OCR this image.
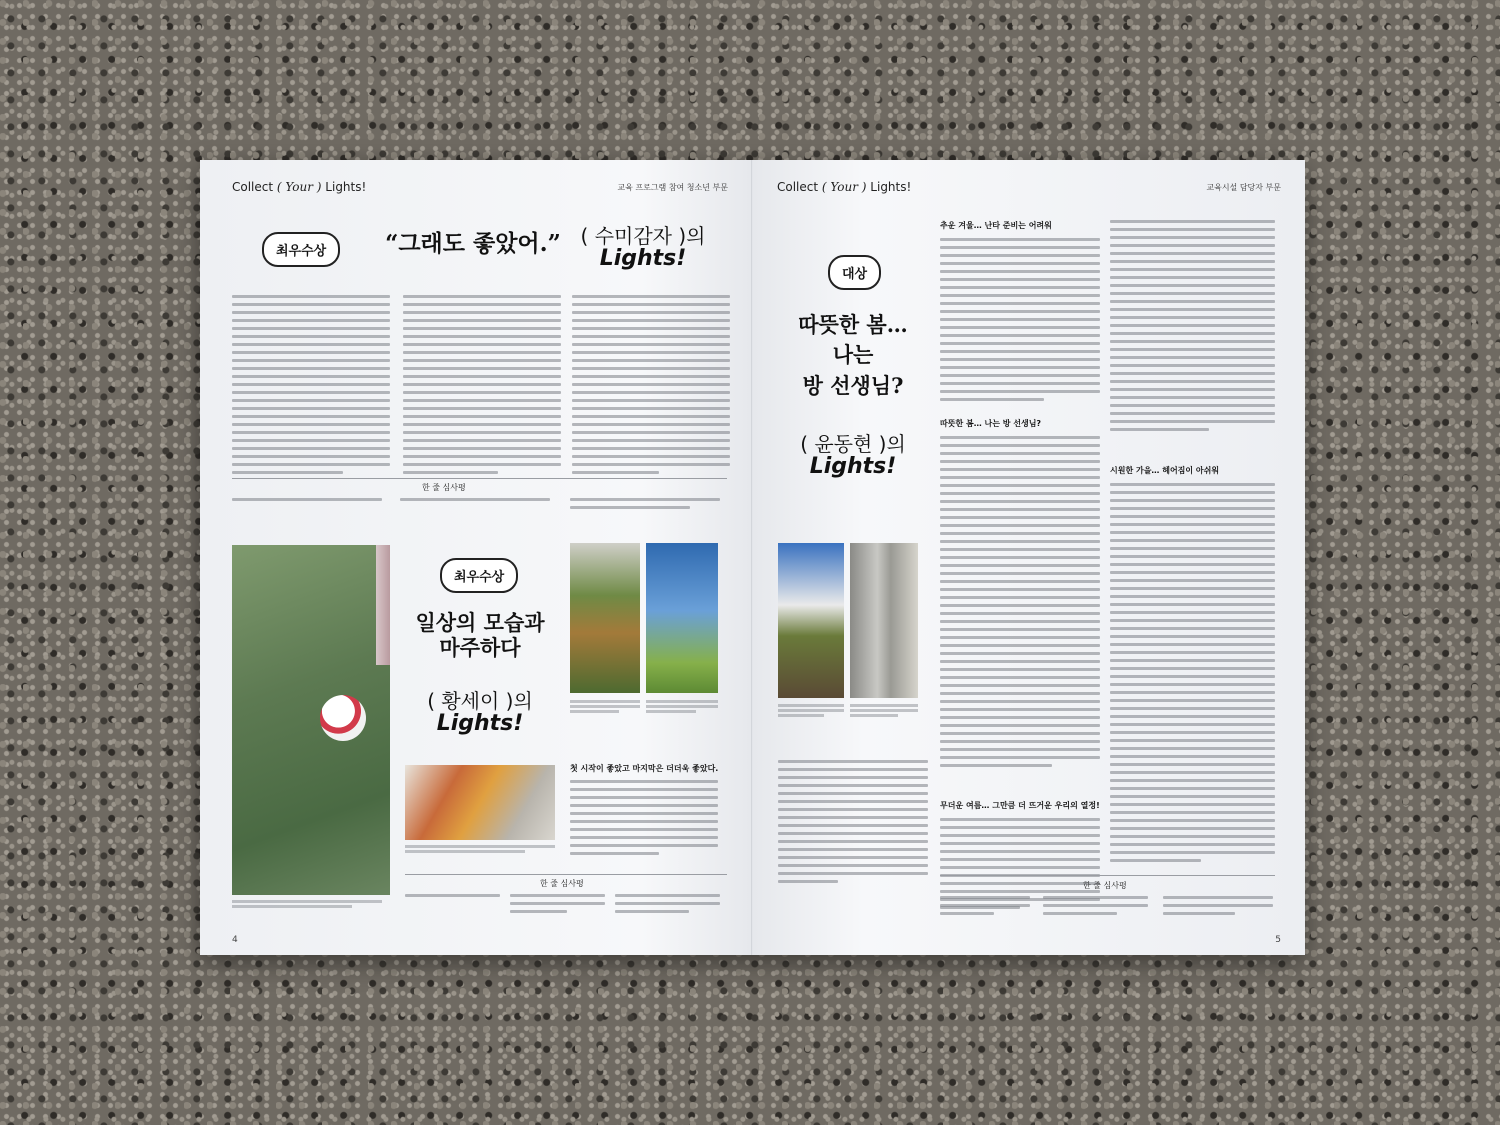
Collect ( Your ) Lights!	교육 프로그램 참여 청소년 부문
최우수상	“그래도 좋았어.” ( 수미감자 )의
Lights!
한 줄 심사평
최우수상
일상의 모습과
마주하다
( 황세이 )의
Lights!
첫 시작이 좋았고 마지막은 더더욱 좋았다.
한 줄 심사평
4
Collect ( Your ) Lights!	교육시설 담당자 부문
대상
따뜻한 봄…
나는
방 선생님?
( 윤동현 )의
Lights!
추운 겨울… 난타 준비는 어려워
따뜻한 봄… 나는 방 선생님?
무더운 여름… 그만큼 더 뜨거운 우리의 열정!
시원한 가을… 헤어짐이 아쉬워
한 줄 심사평
5
